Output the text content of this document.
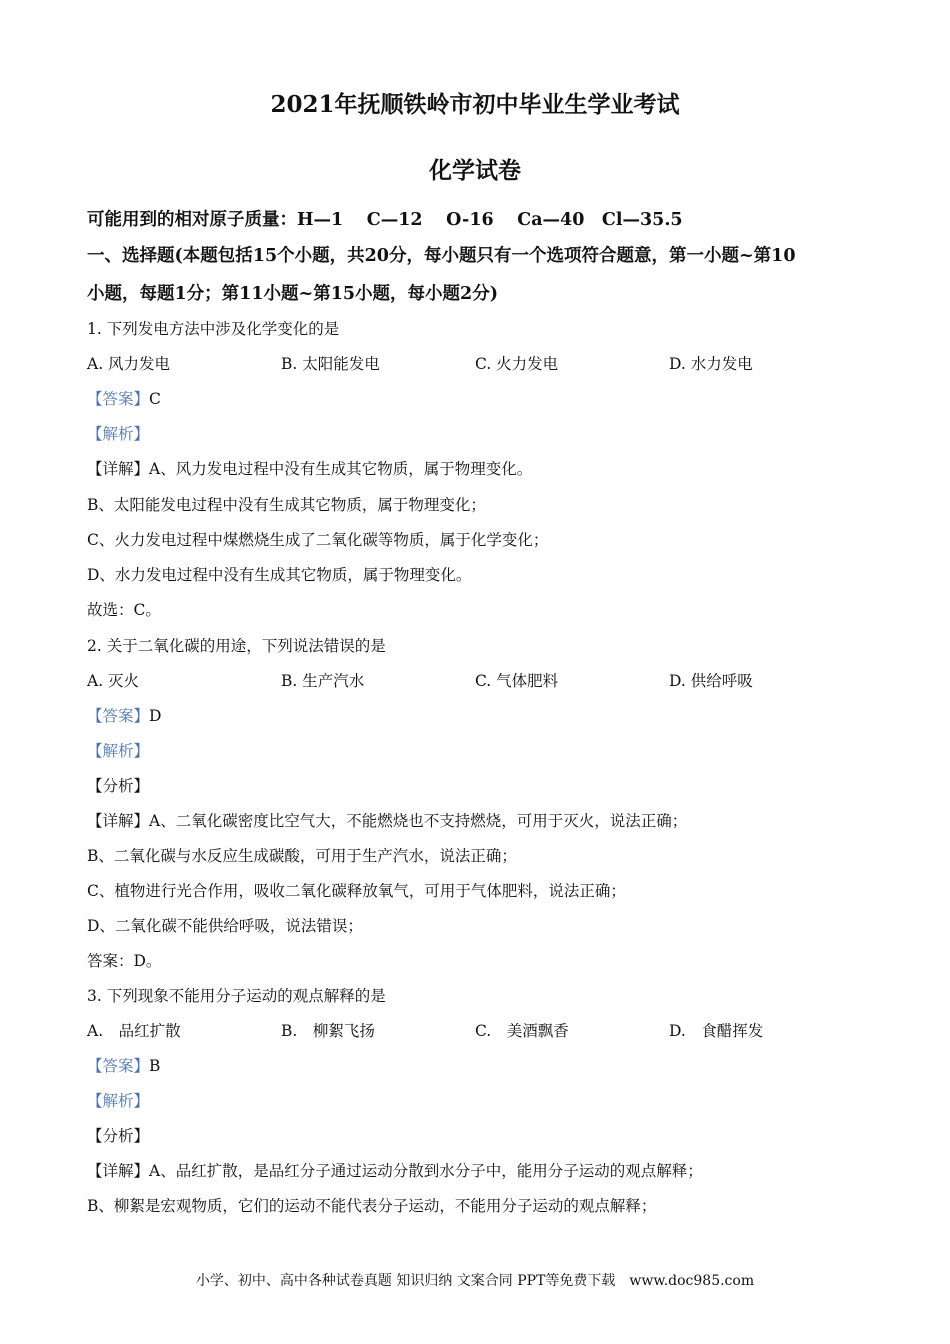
2021年抚顺铁岭市初中毕业生学业考试
化学试卷
可能用到的相对原子质量：H—1　 C—12　 O-16　 Ca—40　Cl—35.5
一、选择题(本题包括15个小题，共20分，每小题只有一个选项符合题意，第一小题~第10
小题，每题1分；第11小题~第15小题，每小题2分)
1. 下列发电方法中涉及化学变化的是
A. 风力发电	B. 太阳能发电	C. 火力发电	D. 水力发电
【答案】C
【解析】
【详解】A、风力发电过程中没有生成其它物质，属于物理变化。
B、太阳能发电过程中没有生成其它物质，属于物理变化；
C、火力发电过程中煤燃烧生成了二氧化碳等物质，属于化学变化；
D、水力发电过程中没有生成其它物质，属于物理变化。
故选：C。
2. 关于二氧化碳的用途，下列说法错误的是
A. 灭火	B. 生产汽水	C. 气体肥料	D. 供给呼吸
【答案】D
【解析】
【分析】
【详解】A、二氧化碳密度比空气大，不能燃烧也不支持燃烧，可用于灭火，说法正确；
B、二氧化碳与水反应生成碳酸，可用于生产汽水，说法正确；
C、植物进行光合作用，吸收二氧化碳释放氧气，可用于气体肥料，说法正确；
D、二氧化碳不能供给呼吸，说法错误；
答案：D。
3. 下列现象不能用分子运动的观点解释的是
A.　品红扩散	B.　柳絮飞扬	C.　美酒飘香	D.　食醋挥发
【答案】B
【解析】
【分析】
【详解】A、品红扩散，是品红分子通过运动分散到水分子中，能用分子运动的观点解释；
B、柳絮是宏观物质，它们的运动不能代表分子运动，不能用分子运动的观点解释；
小学、初中、高中各种试卷真题 知识归纳 文案合同 PPT等免费下载　www.doc985.com
